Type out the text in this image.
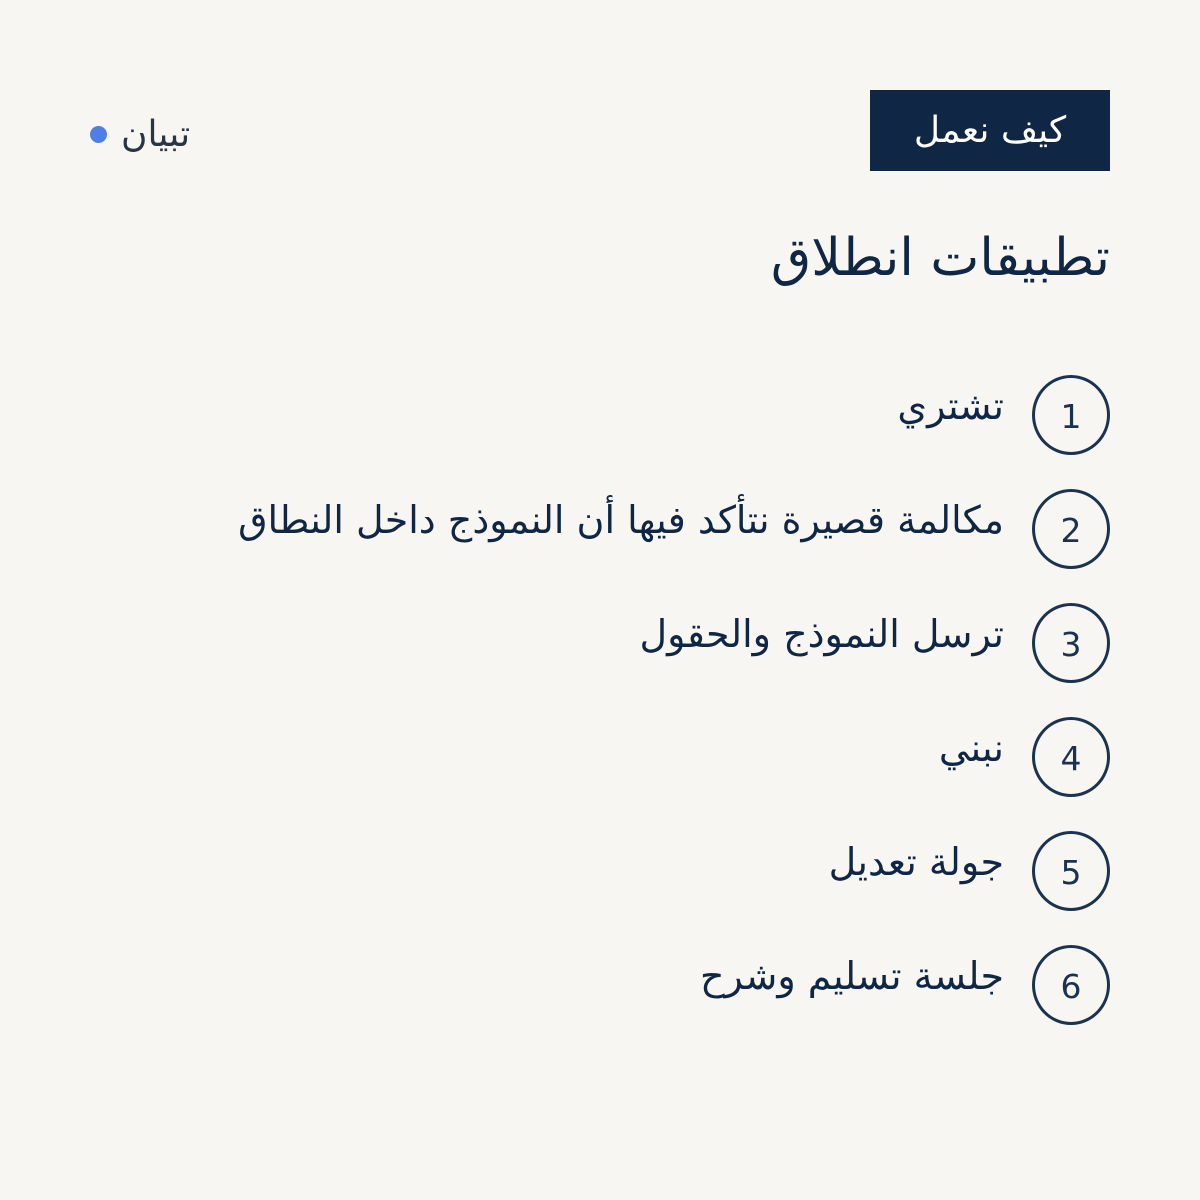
كيف نعمل
تبيان
تطبيقات انطلاق
1
تشتري
2
مكالمة قصيرة نتأكد فيها أن النموذج داخل النطاق
3
ترسل النموذج والحقول
4
نبني
5
جولة تعديل
6
جلسة تسليم وشرح
